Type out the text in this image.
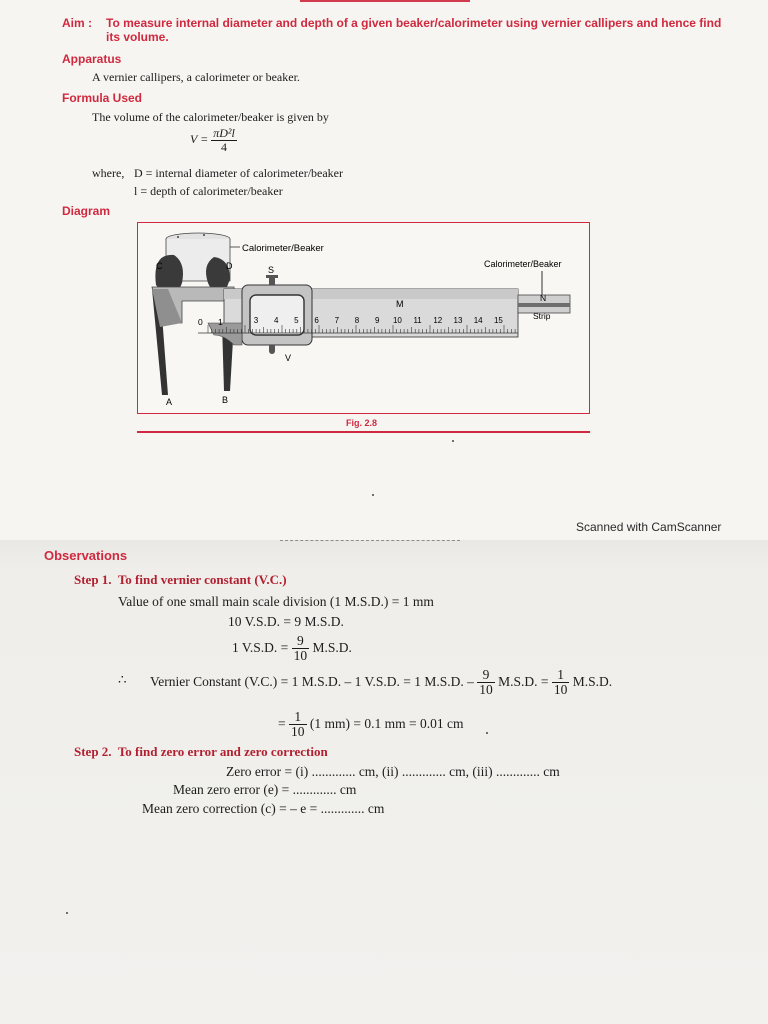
Aim : To measure internal diameter and depth of a given beaker/calorimeter using vernier callipers and hence find its volume.
Apparatus
A vernier callipers, a calorimeter or beaker.
Formula Used
The volume of the calorimeter/beaker is given by
$V = \frac{\text{πD²l}}{4}$
where, D = internal diameter of calorimeter/beaker
l = depth of calorimeter/beaker
Diagram
3 4 5 6 7 8 9 10 11 12 13 14 15
Calorimeter/Beaker
Calorimeter/Beaker
C	D	S
M
N
Strip
V
A	B
0 1
Fig. 2.8
Scanned with CamScanner
Observations
Step 1. To find vernier constant (V.C.)
Value of one small main scale division (1 M.S.D.) = 1 mm
10 V.S.D. = 9 M.S.D.
1 V.S.D. = $\frac{9}{10} M.S.D$.
∴ Vernier Constant (V.C.) = 1 M.S.D. – 1 V.S.D. = 1 M.S.D. – $\frac{9}{10} M.S.D$. = $\frac{1}{10} M.S.D$.
= $\frac{1}{10} (1$ mm) = 0.1 mm = 0.01 cm
Step 2. To find zero error and zero correction
Zero error = (i) ............. cm, (ii) ............. cm, (iii) ............. cm
Mean zero error (e) = ............. cm
Mean zero correction (c) = – e = ............. cm
